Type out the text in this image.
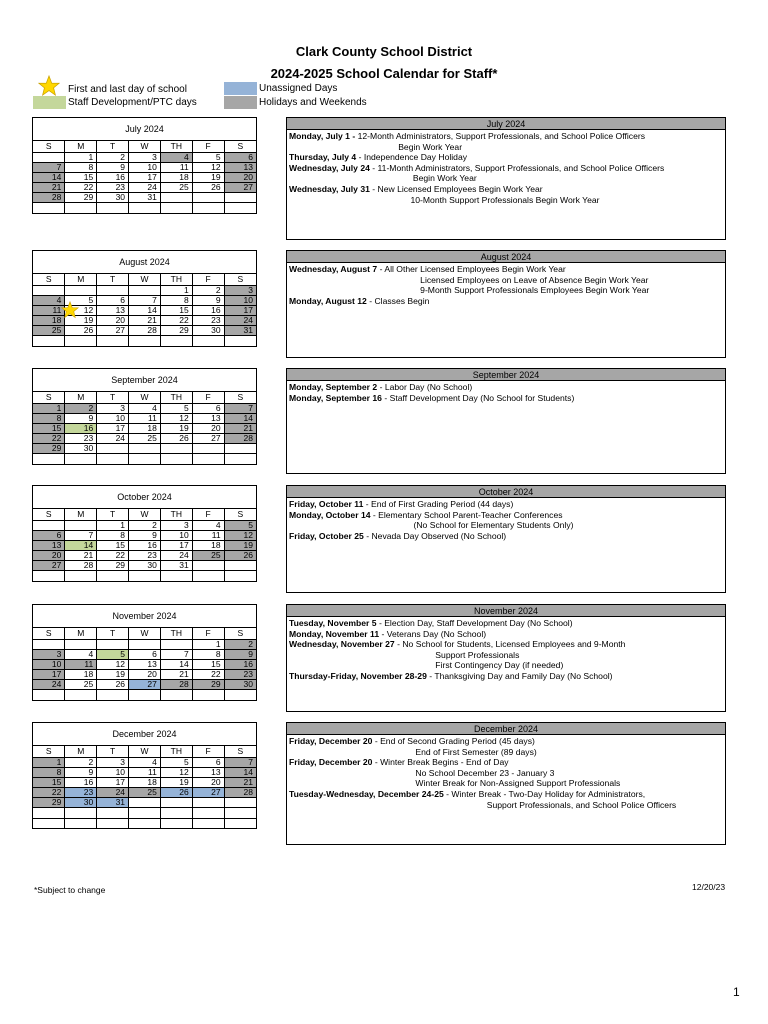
Clark County School District
2024-2025 School Calendar for Staff*
First and last day of school
Staff Development/PTC days
Unassigned Days
Holidays and Weekends
July 2024
S	M	T	W	TH	F	S
	1	2	3	4	5	6
7	8	9	10	11	12	13
14	15	16	17	18	19	20
21	22	23	24	25	26	27
28	29	30	31			

August 2024
S	M	T	W	TH	F	S
				1	2	3
4	5	6	7	8	9	10
11	12	13	14	15	16	17
18	19	20	21	22	23	24
25	26	27	28	29	30	31

September 2024
S	M	T	W	TH	F	S
1	2	3	4	5	6	7
8	9	10	11	12	13	14
15	16	17	18	19	20	21
22	23	24	25	26	27	28
29	30					

October 2024
S	M	T	W	TH	F	S
		1	2	3	4	5
6	7	8	9	10	11	12
13	14	15	16	17	18	19
20	21	22	23	24	25	26
27	28	29	30	31		

November 2024
S	M	T	W	TH	F	S
					1	2
3	4	5	6	7	8	9
10	11	12	13	14	15	16
17	18	19	20	21	22	23
24	25	26	27	28	29	30

December 2024
S	M	T	W	TH	F	S
1	2	3	4	5	6	7
8	9	10	11	12	13	14
15	16	17	18	19	20	21
22	23	24	25	26	27	28
29	30	31				

July 2024
Monday, July 1 - 12-Month Administrators, Support Professionals, and School Police Officers
Begin Work Year
Thursday, July 4 - Independence Day Holiday
Wednesday, July 24 - 11-Month Administrators, Support Professionals, and School Police Officers
Begin Work Year
Wednesday, July 31 - New Licensed Employees Begin Work Year
10-Month Support Professionals Begin Work Year
August 2024
Wednesday, August 7 - All Other Licensed Employees Begin Work Year
Licensed Employees on Leave of Absence Begin Work Year
9-Month Support Professionals Employees Begin Work Year
Monday, August 12 - Classes Begin
September 2024
Monday, September 2 - Labor Day (No School)
Monday, September 16 - Staff Development Day (No School for Students)
October 2024
Friday, October 11 - End of First Grading Period (44 days)
Monday, October 14 - Elementary School Parent-Teacher Conferences
(No School for Elementary Students Only)
Friday, October 25 - Nevada Day Observed (No School)
November 2024
Tuesday, November 5 - Election Day, Staff Development Day (No School)
Monday, November 11 - Veterans Day (No School)
Wednesday, November 27 - No School for Students, Licensed Employees and 9-Month
Support Professionals
First Contingency Day (if needed)
Thursday-Friday, November 28-29 - Thanksgiving Day and Family Day (No School)
December 2024
Friday, December 20 - End of Second Grading Period (45 days)
End of First Semester (89 days)
Friday, December 20 - Winter Break Begins - End of Day
No School December 23 - January 3
Winter Break for Non-Assigned Support Professionals
Tuesday-Wednesday, December 24-25 - Winter Break - Two-Day Holiday for Administrators,
Support Professionals, and School Police Officers
*Subject to change	12/20/23
1
